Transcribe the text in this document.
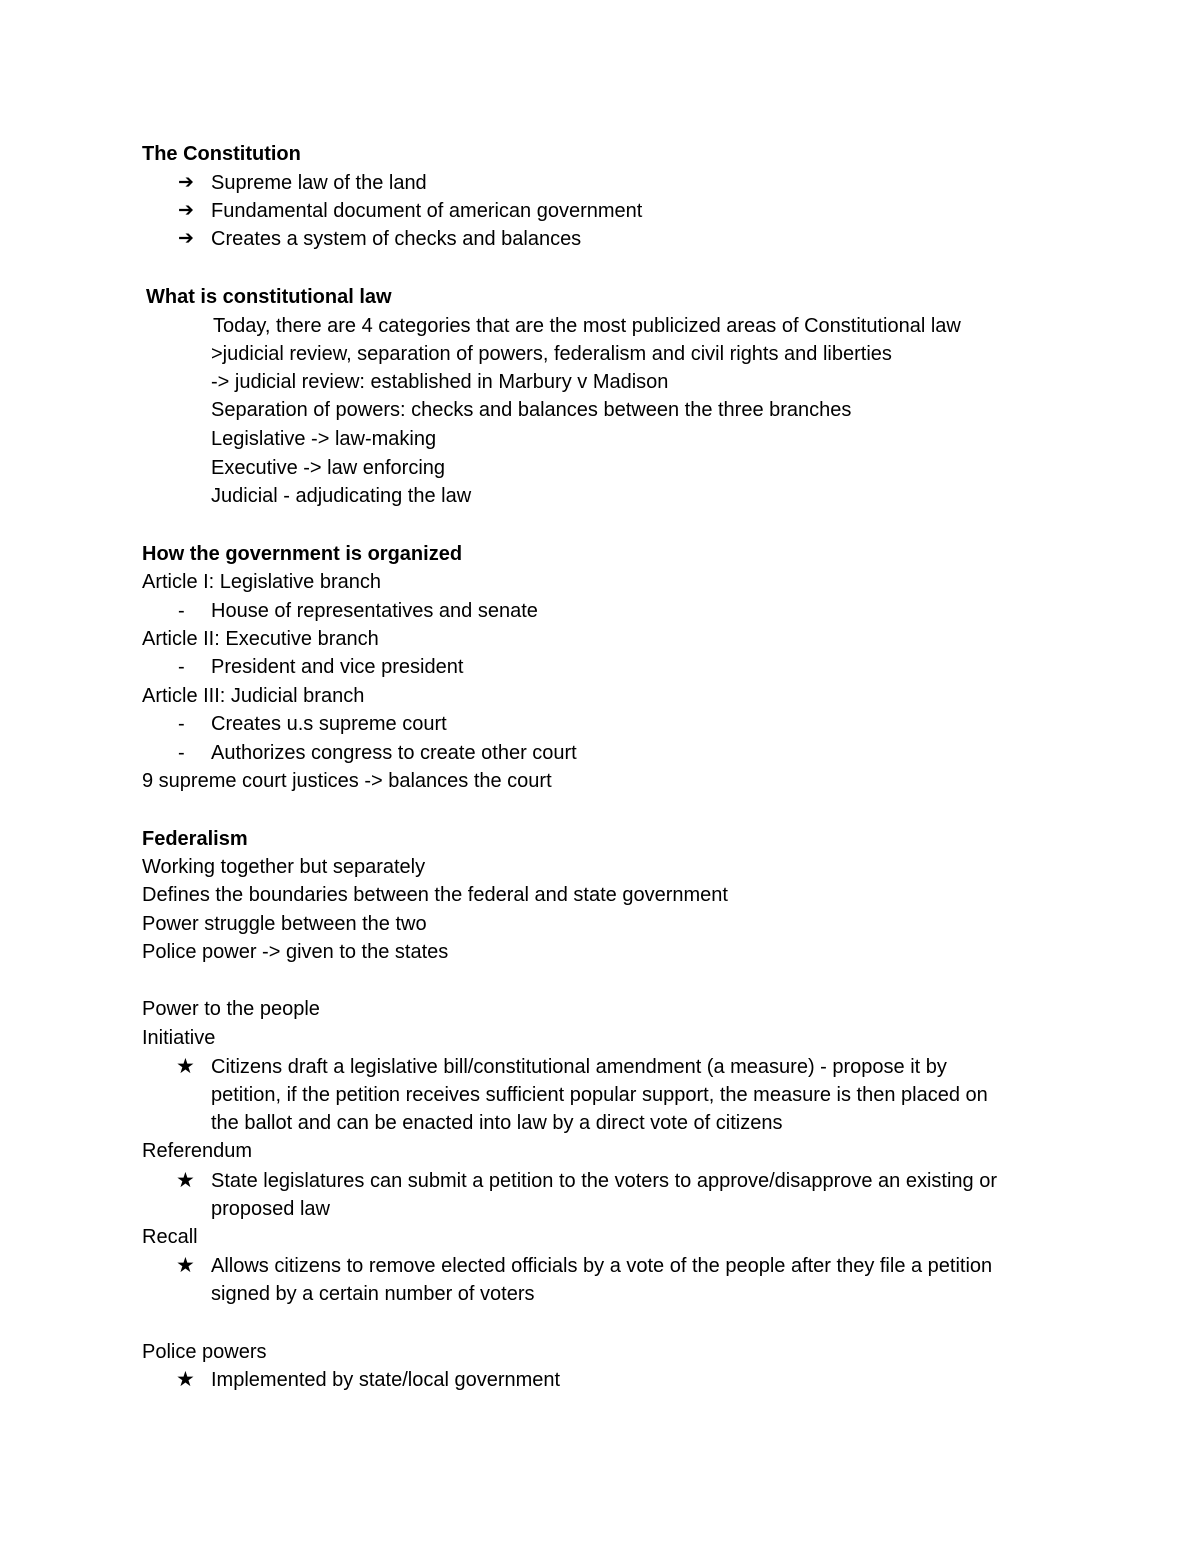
The Constitution
➔ Supreme law of the land
➔ Fundamental document of american government
➔ Creates a system of checks and balances
What is constitutional law
Today, there are 4 categories that are the most publicized areas of Constitutional law
>judicial review, separation of powers, federalism and civil rights and liberties
-> judicial review: established in Marbury v Madison
Separation of powers: checks and balances between the three branches
Legislative -> law-making
Executive -> law enforcing
Judicial - adjudicating the law
How the government is organized
Article I: Legislative branch
- House of representatives and senate
Article II: Executive branch
- President and vice president
Article III: Judicial branch
- Creates u.s supreme court
- Authorizes congress to create other court
9 supreme court justices -> balances the court
Federalism
Working together but separately
Defines the boundaries between the federal and state government
Power struggle between the two
Police power -> given to the states
Power to the people
Initiative
★ Citizens draft a legislative bill/constitutional amendment (a measure) - propose it by
petition, if the petition receives sufficient popular support, the measure is then placed on
the ballot and can be enacted into law by a direct vote of citizens
Referendum
★ State legislatures can submit a petition to the voters to approve/disapprove an existing or
proposed law
Recall
★ Allows citizens to remove elected officials by a vote of the people after they file a petition
signed by a certain number of voters
Police powers
★ Implemented by state/local government
